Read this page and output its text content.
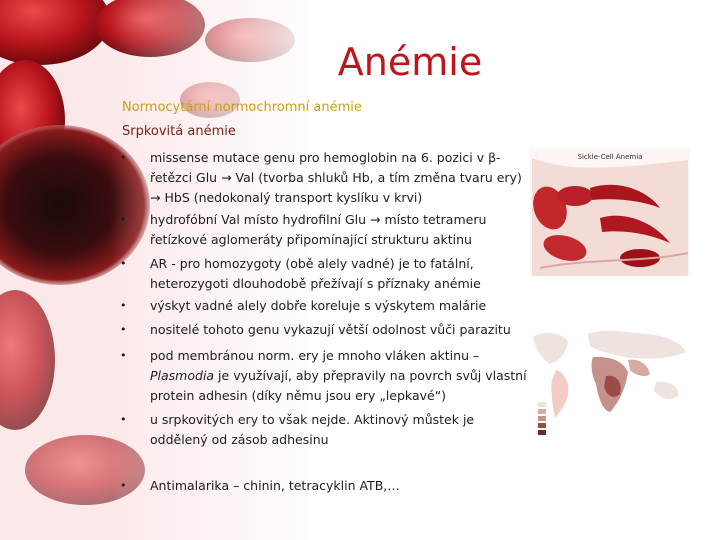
Anémie
Normocytární normochromní anémie
Srpkovitá anémie
•	missense mutace genu pro hemoglobin na 6. pozici v β-řetězci Glu → Val (tvorba shluků Hb, a tím změna tvaru ery) → HbS (nedokonalý transport kyslíku v krvi)
•	hydrofóbní Val místo hydrofilní Glu → místo tetrameru řetízkové aglomeráty připomínající strukturu aktinu
•	AR - pro homozygoty (obě alely vadné) je to fatální, heterozygoti dlouhodobě přežívají s příznaky anémie
•	výskyt vadné alely dobře koreluje s výskytem malárie
•	nositelé tohoto genu vykazují větší odolnost vůči parazitu
•	pod membránou norm. ery je mnoho vláken aktinu – Plasmodia je využívají, aby přepravily na povrch svůj vlastní protein adhesin (díky němu jsou ery „lepkavé“)
•	u srpkovitých ery to však nejde. Aktinový můstek je oddělený od zásob adhesinu
•	Antimalarika – chinin, tetracyklin ATB,…
Sickle-Cell Anemia
